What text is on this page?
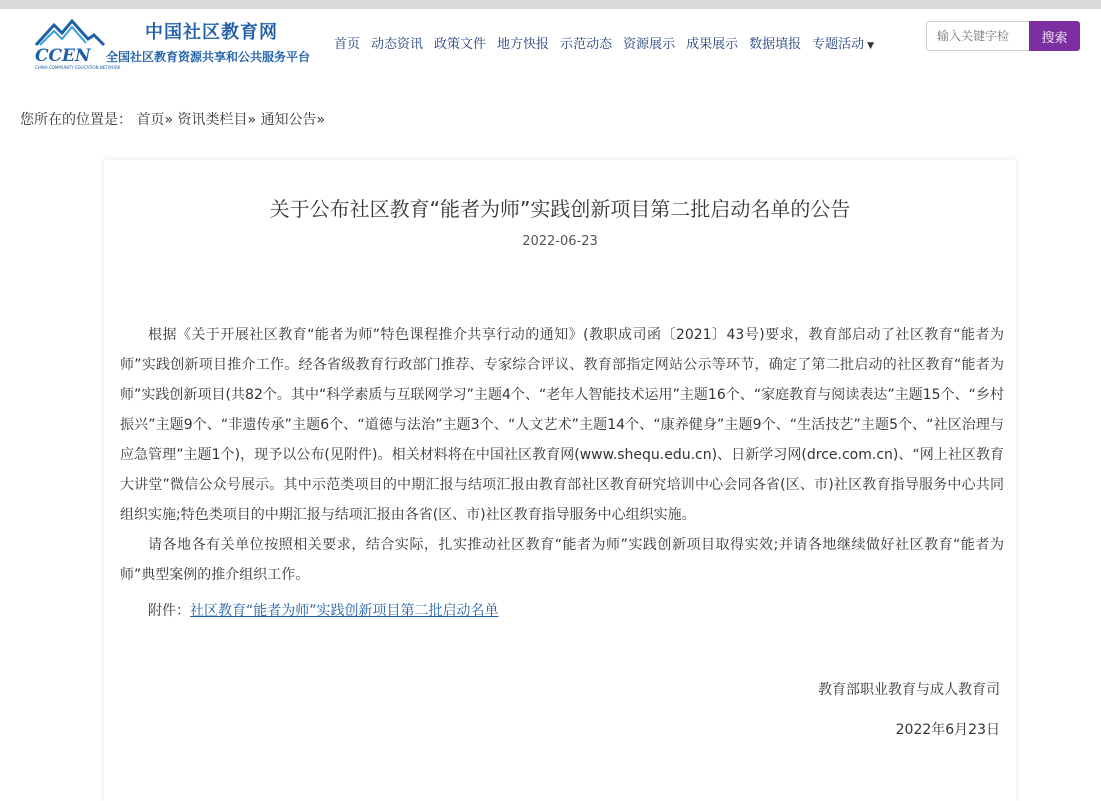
CCEN
CHINA COMMUNITY EDUCATION NETWORK
中国社区教育网
全国社区教育资源共享和公共服务平台
首页 动态资讯 政策文件 地方快报 示范动态 资源展示 成果展示 数据填报 专题活动 ▼
输入关键字检
搜索
您所在的位置是： 首页» 资讯类栏目» 通知公告»
关于公布社区教育“能者为师”实践创新项目第二批启动名单的公告
2022-06-23

根据《关于开展社区教育“能者为师”特色课程推介共享行动的通知》(教职成司函〔2021〕43号)要求，教育部启动了社区教育“能者为师”实践创新项目推介工作。经各省级教育行政部门推荐、专家综合评议、教育部指定网站公示等环节，确定了第二批启动的社区教育“能者为师”实践创新项目(共82个。其中“科学素质与互联网学习”主题4个、“老年人智能技术运用”主题16个、“家庭教育与阅读表达”主题15个、“乡村振兴”主题9个、“非遗传承”主题6个、“道德与法治”主题3个、“人文艺术”主题14个、“康养健身”主题9个、“生活技艺”主题5个、“社区治理与应急管理”主题1个)，现予以公布(见附件)。相关材料将在中国社区教育网(www.shequ.edu.cn)、日新学习网(drce.com.cn)、“网上社区教育大讲堂”微信公众号展示。其中示范类项目的中期汇报与结项汇报由教育部社区教育研究培训中心会同各省(区、市)社区教育指导服务中心共同组织实施;特色类项目的中期汇报与结项汇报由各省(区、市)社区教育指导服务中心组织实施。

请各地各有关单位按照相关要求，结合实际，扎实推动社区教育“能者为师”实践创新项目取得实效;并请各地继续做好社区教育“能者为师”典型案例的推介组织工作。

附件：社区教育“能者为师”实践创新项目第二批启动名单
教育部职业教育与成人教育司
2022年6月23日
